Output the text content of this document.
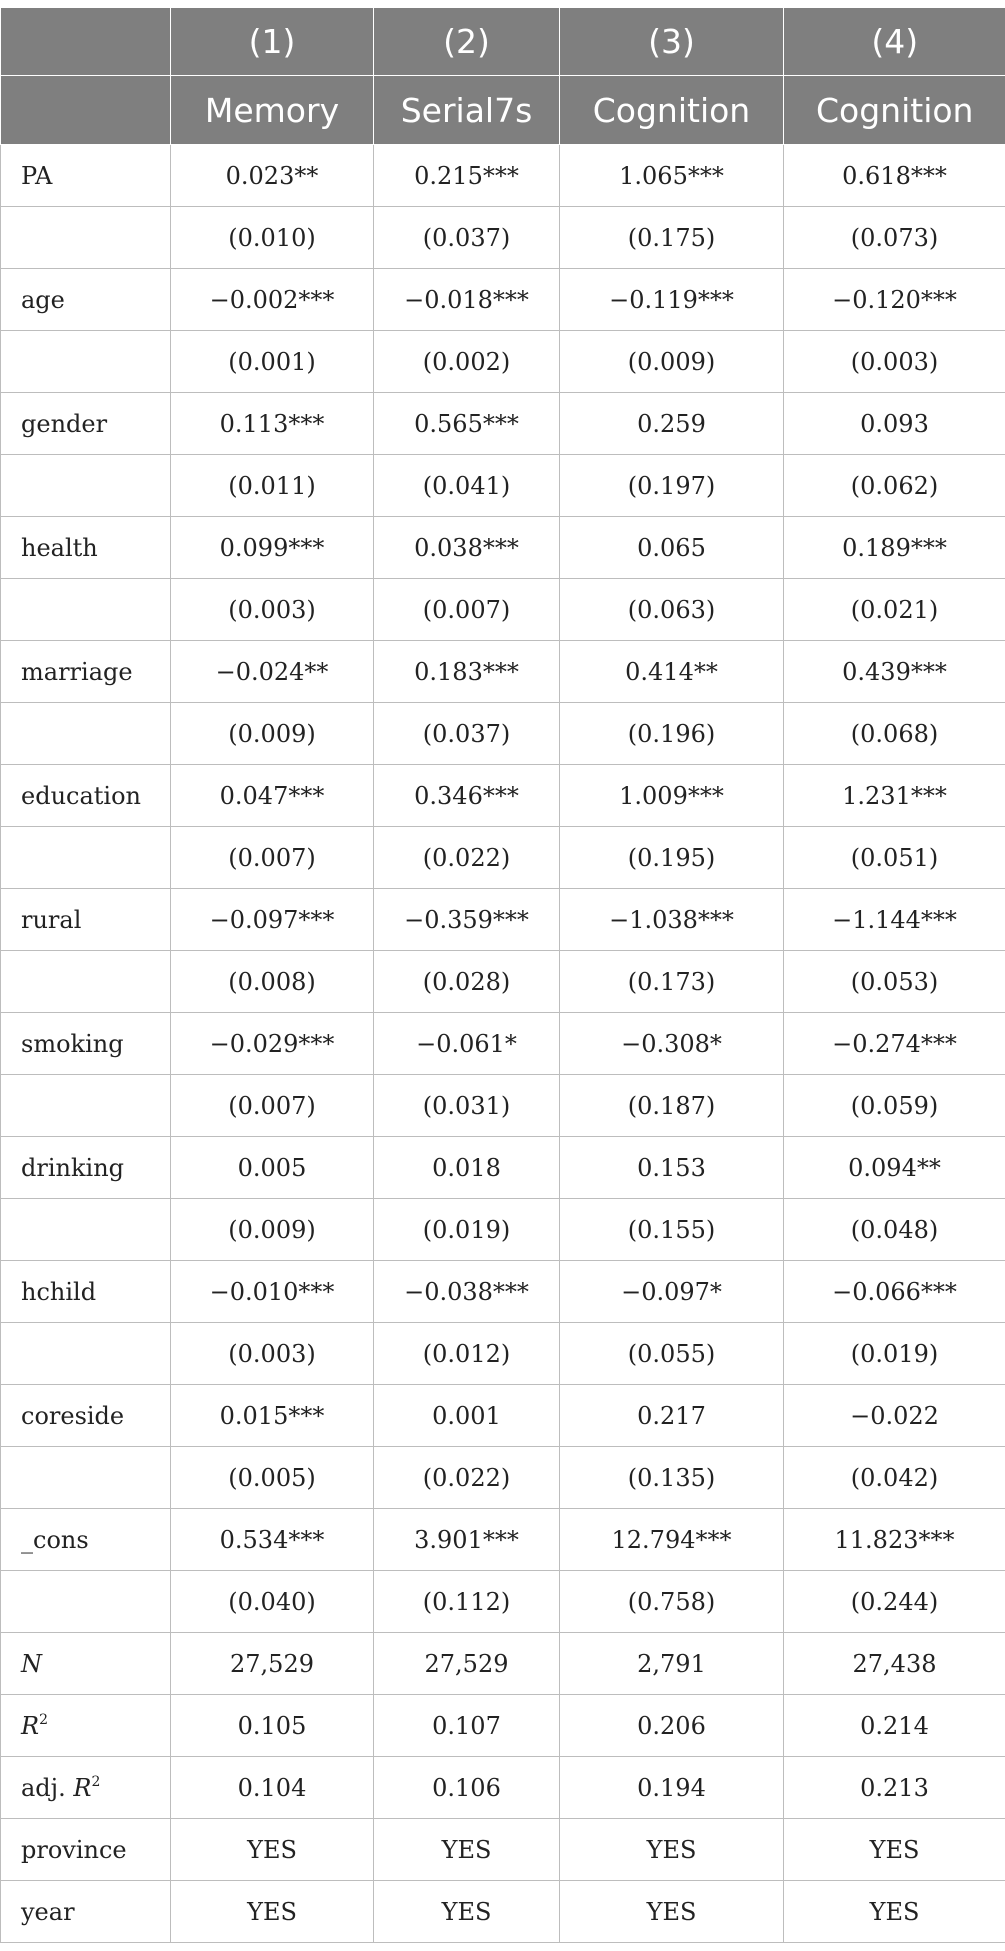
	(1)	(2)	(3)	(4)
	Memory	Serial7s	Cognition	Cognition
PA	0.023**	0.215***	1.065***	0.618***
	(0.010)	(0.037)	(0.175)	(0.073)
age	−0.002***	−0.018***	−0.119***	−0.120***
	(0.001)	(0.002)	(0.009)	(0.003)
gender	0.113***	0.565***	0.259	0.093
	(0.011)	(0.041)	(0.197)	(0.062)
health	0.099***	0.038***	0.065	0.189***
	(0.003)	(0.007)	(0.063)	(0.021)
marriage	−0.024**	0.183***	0.414**	0.439***
	(0.009)	(0.037)	(0.196)	(0.068)
education	0.047***	0.346***	1.009***	1.231***
	(0.007)	(0.022)	(0.195)	(0.051)
rural	−0.097***	−0.359***	−1.038***	−1.144***
	(0.008)	(0.028)	(0.173)	(0.053)
smoking	−0.029***	−0.061*	−0.308*	−0.274***
	(0.007)	(0.031)	(0.187)	(0.059)
drinking	0.005	0.018	0.153	0.094**
	(0.009)	(0.019)	(0.155)	(0.048)
hchild	−0.010***	−0.038***	−0.097*	−0.066***
	(0.003)	(0.012)	(0.055)	(0.019)
coreside	0.015***	0.001	0.217	−0.022
	(0.005)	(0.022)	(0.135)	(0.042)
_cons	0.534***	3.901***	12.794***	11.823***
	(0.040)	(0.112)	(0.758)	(0.244)
N	27,529	27,529	2,791	27,438
$R^2$	0.105	0.107	0.206	0.214
adj. $R^2$	0.104	0.106	0.194	0.213
province	YES	YES	YES	YES
year	YES	YES	YES	YES
